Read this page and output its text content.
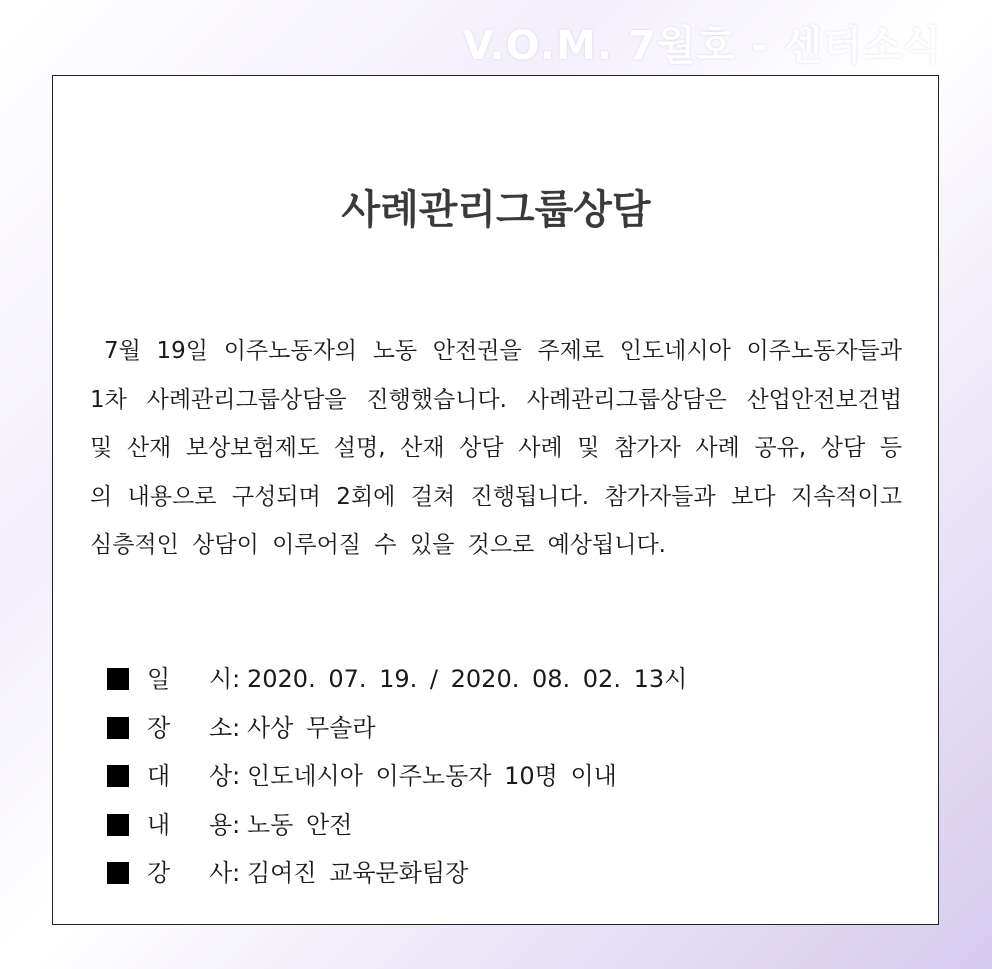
V.O.M. 7월호 - 센터소식
사례관리그룹상담
7월 19일 이주노동자의 노동 안전권을 주제로 인도네시아 이주노동자들과 1차 사례관리그룹상담을 진행했습니다. 사례관리그룹상담은 산업안전보건법 및 산재 보상보험제도 설명, 산재 상담 사례 및 참가자 사례 공유, 상담 등의 내용으로 구성되며 2회에 걸쳐 진행됩니다. 참가자들과 보다 지속적이고 심층적인 상담이 이루어질 수 있을 것으로 예상됩니다.
일	시: 2020. 07. 19. / 2020. 08. 02. 13시
장	소: 사상 무솔라
대	상: 인도네시아 이주노동자 10명 이내
내	용: 노동 안전
강	사: 김여진 교육문화팀장
